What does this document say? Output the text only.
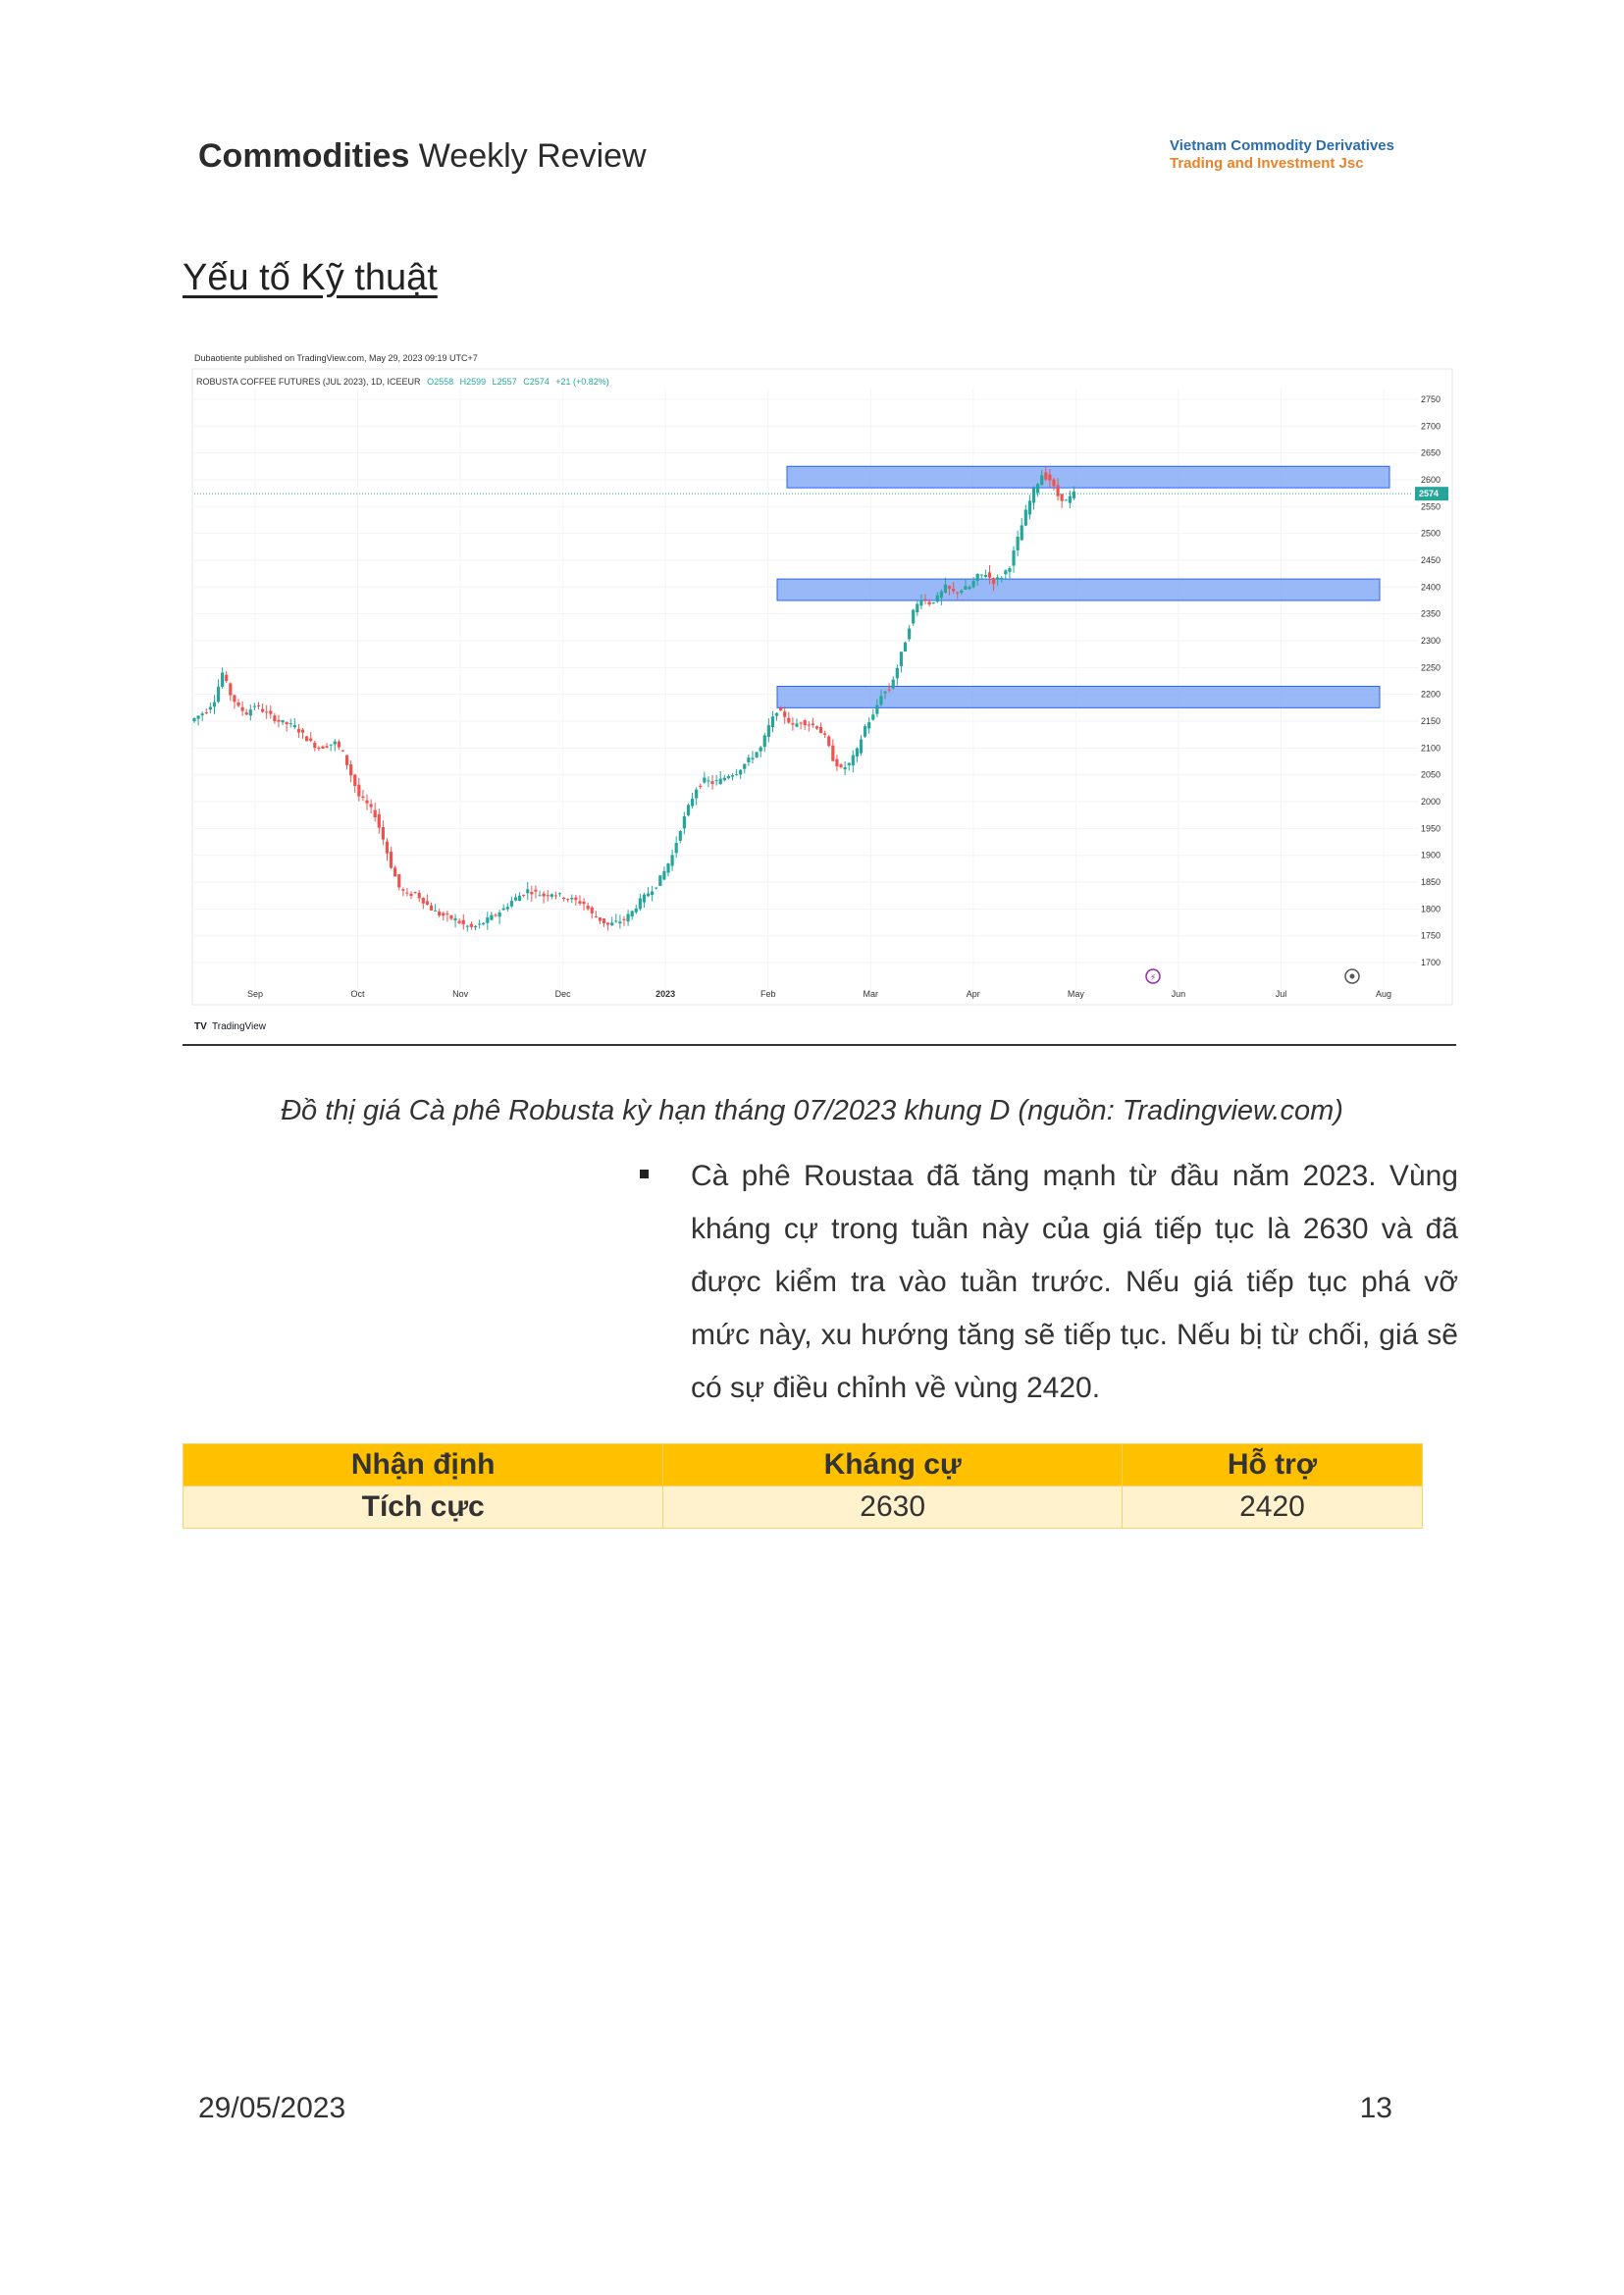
Commodities Weekly Review	Vietnam Commodity Derivatives
Trading and Investment Jsc
Yếu tố Kỹ thuật
Dubaotiente published on TradingView.com, May 29, 2023 09:19 UTC+7
ROBUSTA COFFEE FUTURES (JUL 2023), 1D, ICEEUR O2558 H2599 L2557 C2574 +21 (+0.82%)
2750
2700
2650
2600
2550
2500
2450
2400
2350
2300
2250
2200
2150
2100
2050
2000
1950
1900
1850
1800
1750
1700
2574
Sep	Oct	Nov	Dec	2023	Feb	Mar	Apr	May	Jun	Jul	Aug
TV TradingView
⚡
Đồ thị giá Cà phê Robusta kỳ hạn tháng 07/2023 khung D (nguồn: Tradingview.com)
Cà phê Roustaa đã tăng mạnh từ đầu năm 2023. Vùng kháng cự trong tuần này của giá tiếp tục là 2630 và đã được kiểm tra vào tuần trước. Nếu giá tiếp tục phá vỡ mức này, xu hướng tăng sẽ tiếp tục. Nếu bị từ chối, giá sẽ có sự điều chỉnh về vùng 2420.
Nhận định	Kháng cự	Hỗ trợ
Tích cực	2630	2420
29/05/2023	13
